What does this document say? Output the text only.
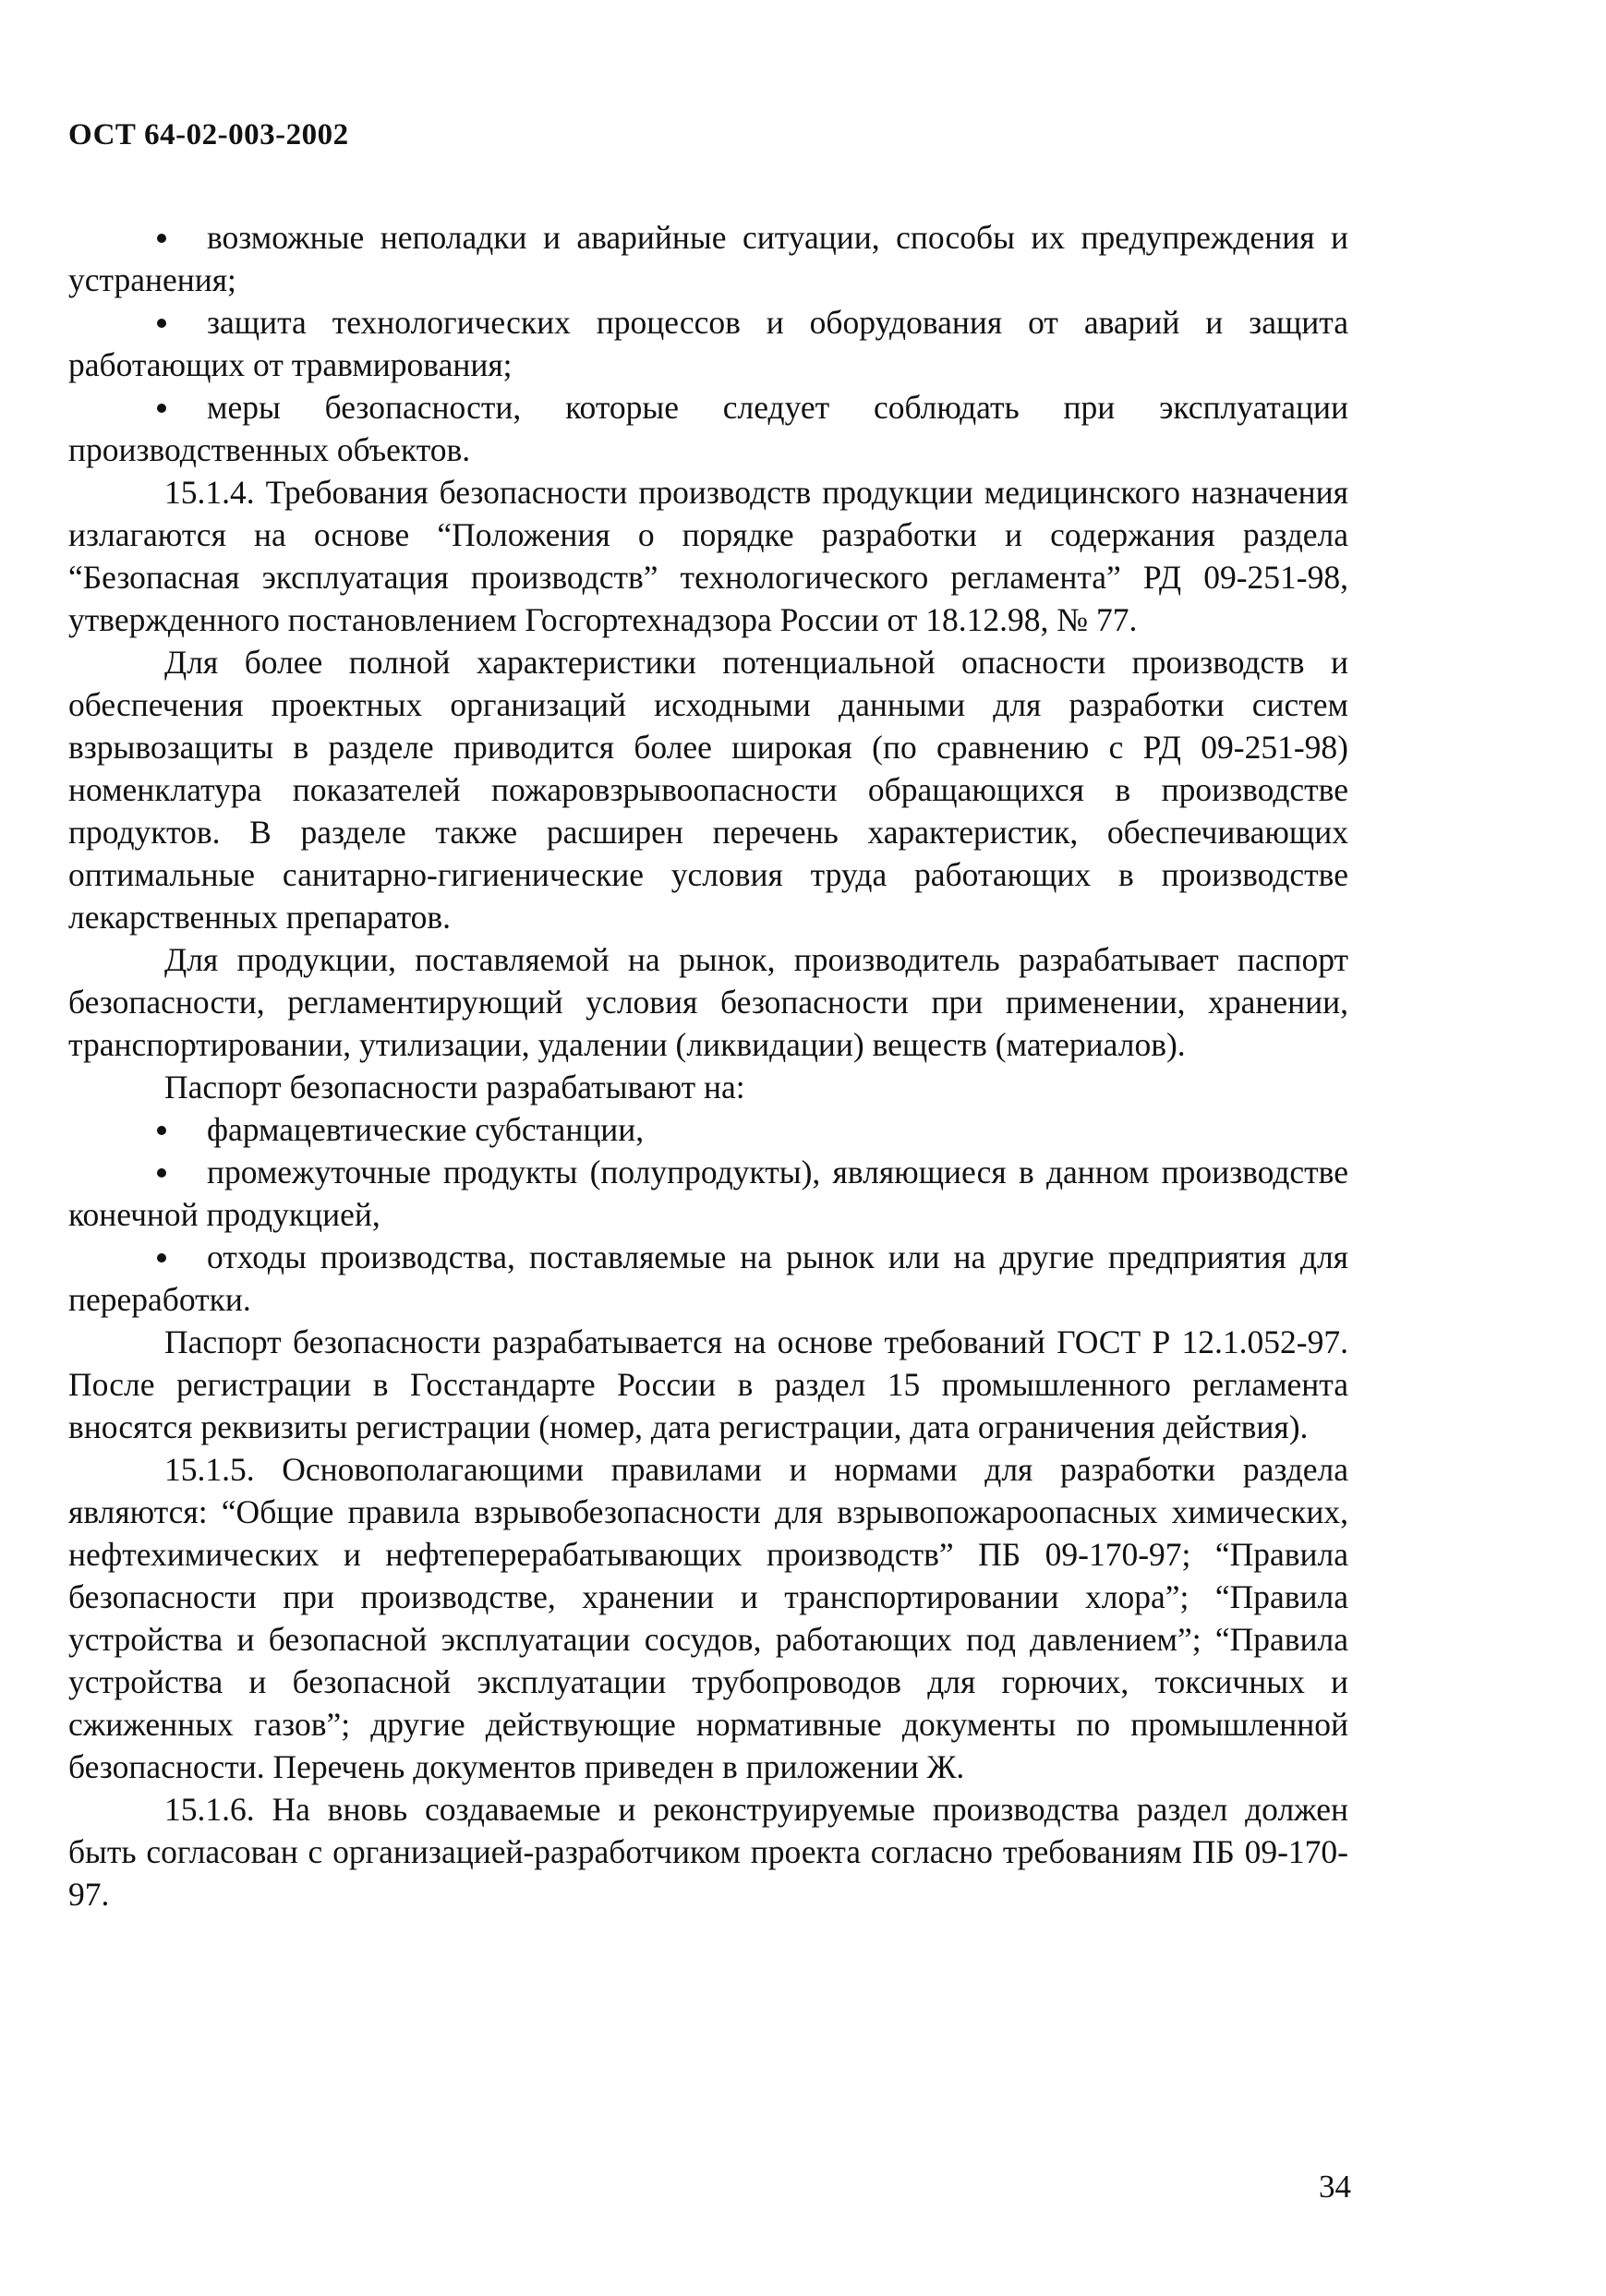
ОСТ 64-02-003-2002

возможные неполадки и аварийные ситуации, способы их предупреждения и устранения;

защита технологических процессов и оборудования от аварий и защита работающих от травмирования;

меры безопасности, которые следует соблюдать при эксплуатации производственных объектов.

15.1.4. Требования безопасности производств продукции медицинского назначения излагаются на основе “Положения о порядке разработки и содержания раздела “Безопасная эксплуатация производств” технологического регламента” РД 09-251-98, утвержденного постановлением Госгортехнадзора России от 18.12.98, № 77.

Для более полной характеристики потенциальной опасности производств и обеспечения проектных организаций исходными данными для разработки систем взрывозащиты в разделе приводится более широкая (по сравнению с РД 09-251-98) номенклатура показателей пожаровзрывоопасности обращающихся в производстве продуктов. В разделе также расширен перечень характеристик, обеспечивающих оптимальные санитарно-гигиенические условия труда работающих в производстве лекарственных препаратов.

Для продукции, поставляемой на рынок, производитель разрабатывает паспорт безопасности, регламентирующий условия безопасности при применении, хранении, транспортировании, утилизации, удалении (ликвидации) веществ (материалов).

Паспорт безопасности разрабатывают на:

фармацевтические субстанции,

промежуточные продукты (полупродукты), являющиеся в данном производстве конечной продукцией,

отходы производства, поставляемые на рынок или на другие предприятия для переработки.

Паспорт безопасности разрабатывается на основе требований ГОСТ Р 12.1.052-97. После регистрации в Госстандарте России в раздел 15 промышленного регламента вносятся реквизиты регистрации (номер, дата регистрации, дата ограничения действия).

15.1.5. Основополагающими правилами и нормами для разработки раздела являются: “Общие правила взрывобезопасности для взрывопожароопасных химических, нефтехимических и нефтеперерабатывающих производств” ПБ 09-170-97; “Правила безопасности при производстве, хранении и транспортировании хлора”; “Правила устройства и безопасной эксплуатации сосудов, работающих под давлением”; “Правила устройства и безопасной эксплуатации трубопроводов для горючих, токсичных и сжиженных газов”; другие действующие нормативные документы по промышленной безопасности. Перечень документов приведен в приложении Ж.

15.1.6. На вновь создаваемые и реконструируемые производства раздел должен быть согласован с организацией-разработчиком проекта согласно требованиям ПБ 09-170-97.

34
